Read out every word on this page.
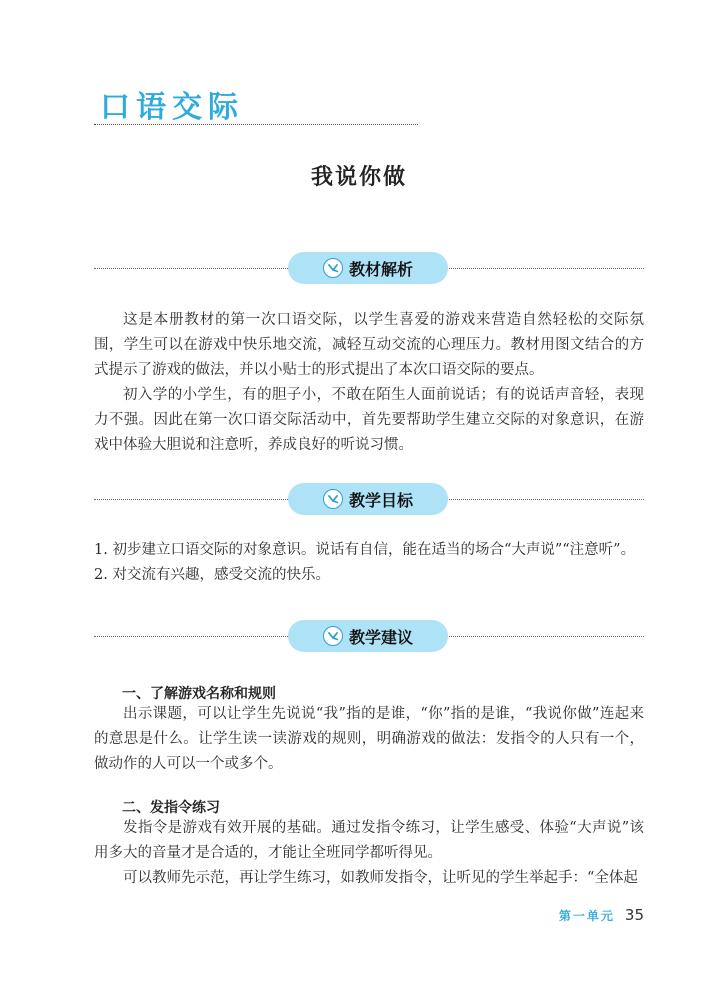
口语交际
我说你做
教材解析

这是本册教材的第一次口语交际，以学生喜爱的游戏来营造自然轻松的交际氛围，学生可以在游戏中快乐地交流，减轻互动交流的心理压力。教材用图文结合的方式提示了游戏的做法，并以小贴士的形式提出了本次口语交际的要点。

初入学的小学生，有的胆子小，不敢在陌生人面前说话；有的说话声音轻，表现力不强。因此在第一次口语交际活动中，首先要帮助学生建立交际的对象意识，在游戏中体验大胆说和注意听，养成良好的听说习惯。

教学目标

1. 初步建立口语交际的对象意识。说话有自信，能在适当的场合“大声说”“注意听”。

2. 对交流有兴趣，感受交流的快乐。

教学建议
一、了解游戏名称和规则

出示课题，可以让学生先说说“我”指的是谁，“你”指的是谁，“我说你做”连起来的意思是什么。让学生读一读游戏的规则，明确游戏的做法：发指令的人只有一个，做动作的人可以一个或多个。

二、发指令练习

发指令是游戏有效开展的基础。通过发指令练习，让学生感受、体验“大声说”该用多大的音量才是合适的，才能让全班同学都听得见。

可以教师先示范，再让学生练习，如教师发指令，让听见的学生举起手：“全体起

第一单元 35
